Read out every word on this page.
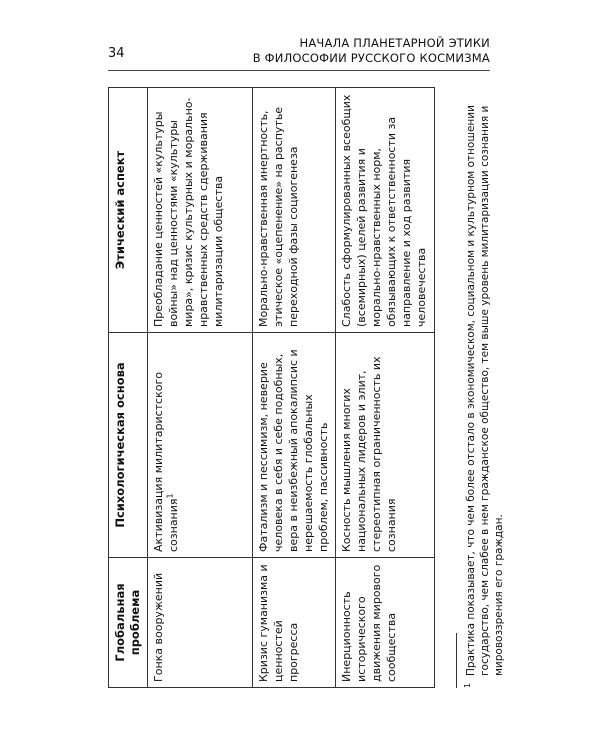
34
НАЧАЛА ПЛАНЕТАРНОЙ ЭТИКИ
В ФИЛОСОФИИ РУССКОГО КОСМИЗМА
Глобальная проблема	Психологическая основа	Этический аспект
Гонка вооружений	Активизация милитаристского сознания$^1$	Преобладание ценностей «культуры войны» над ценностями «культуры мира», кризис культурных и морально-нравственных средств сдерживания милитаризации общества
Кризис гуманизма и ценностей прогресса	Фатализм и пессимизм, неверие человека в себя и себе подобных, вера в неизбежный апокалипсис и нерешаемость глобальных проблем, пассивность	Морально-нравственная инертность, этическое «оцепенение» на распутье переходной фазы социогенеза
Инерционность исторического движения мирового сообщества	Косность мышления многих национальных лидеров и элит, стереотипная ограниченность их сознания	Слабость сформулированных всеобщих (всемирных) целей развития и морально-нравственных норм, обязывающих к ответственности за направление и ход развития человечества
1
Практика показывает, что чем более отстало в экономическом, социальном и культурном отношении государство, чем слабее в нем гражданское общество, тем выше уровень милитаризации сознания и мировоззрения его граждан.
